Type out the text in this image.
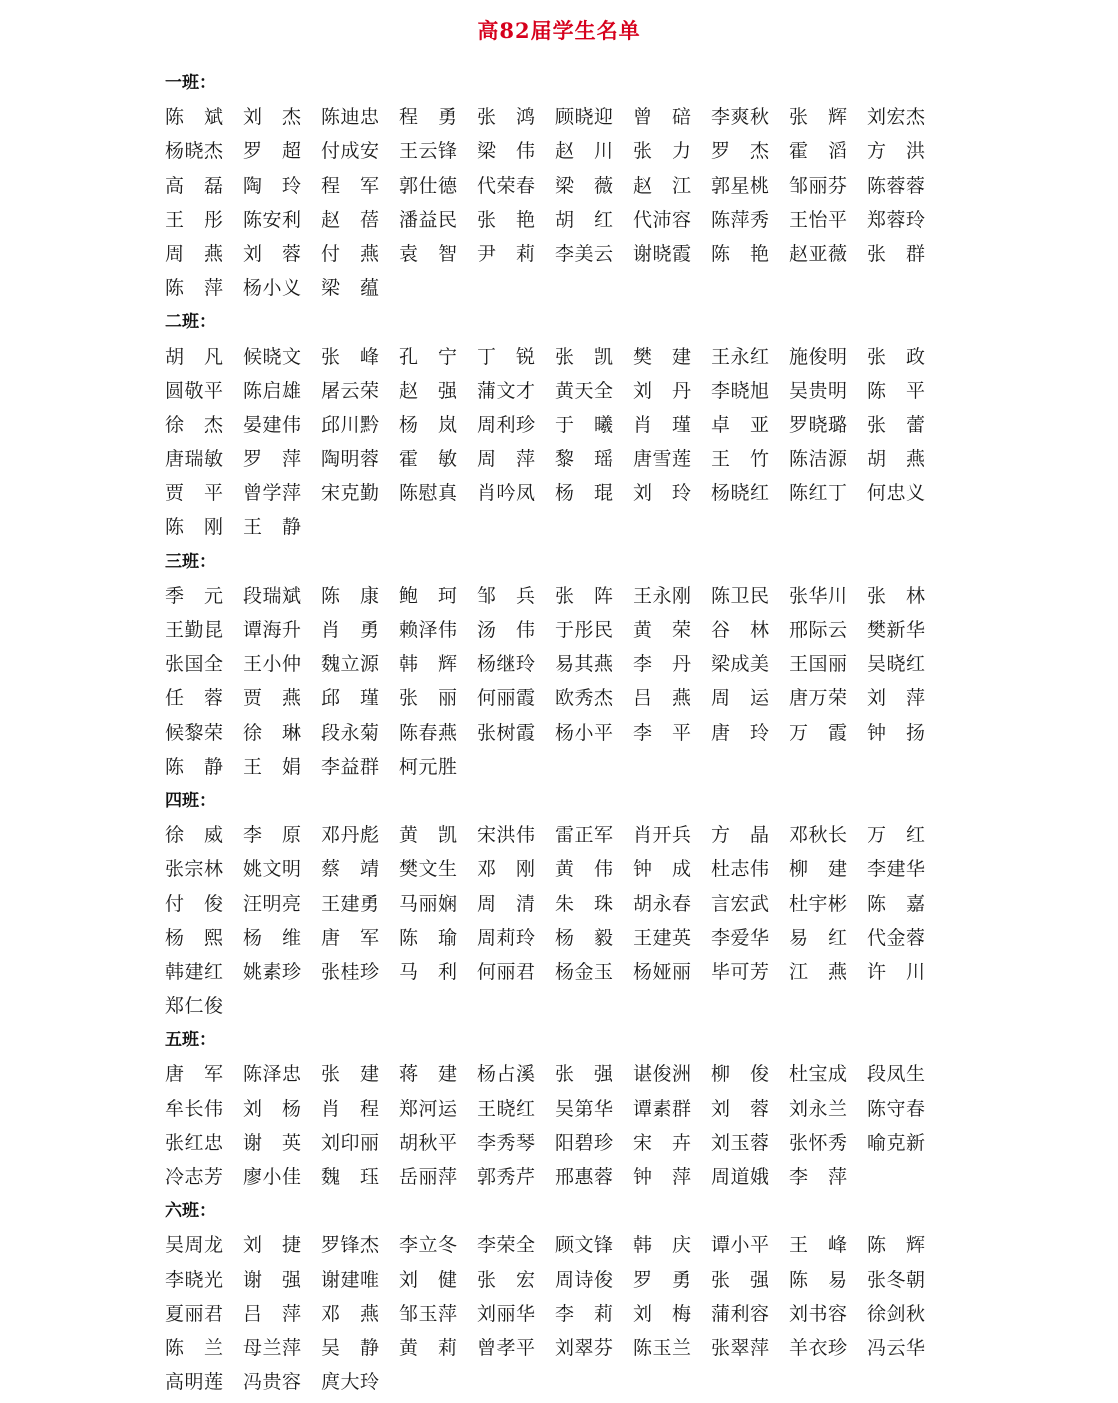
高82届学生名单
一班：
陈 斌 刘 杰 陈迪忠 程 勇 张 鸿 顾晓迎 曾 碚 李爽秋 张 辉 刘宏杰
杨晓杰 罗 超 付成安 王云锋 梁 伟 赵 川 张 力 罗 杰 霍 滔 方 洪
高 磊 陶 玲 程 军 郭仕德 代荣春 梁 薇 赵 江 郭星桃 邹丽芬 陈蓉蓉
王 彤 陈安利 赵 蓓 潘益民 张 艳 胡 红 代沛容 陈萍秀 王怡平 郑蓉玲
周 燕 刘 蓉 付 燕 袁 智 尹 莉 李美云 谢晓霞 陈 艳 赵亚薇 张 群
陈 萍 杨小义 梁 蕴
二班：
胡 凡 候晓文 张 峰 孔 宁 丁 锐 张 凯 樊 建 王永红 施俊明 张 政
圆敬平 陈启雄 屠云荣 赵 强 蒲文才 黄天全 刘 丹 李晓旭 吴贵明 陈 平
徐 杰 晏建伟 邱川黔 杨 岚 周利珍 于 曦 肖 瑾 卓 亚 罗晓璐 张 蕾
唐瑞敏 罗 萍 陶明蓉 霍 敏 周 萍 黎 瑶 唐雪莲 王 竹 陈洁源 胡 燕
贾 平 曾学萍 宋克勤 陈慰真 肖吟凤 杨 琨 刘 玲 杨晓红 陈红丁 何忠义
陈 刚 王 静
三班：
季 元 段瑞斌 陈 康 鲍 珂 邹 兵 张 阵 王永刚 陈卫民 张华川 张 林
王勤昆 谭海升 肖 勇 赖泽伟 汤 伟 于彤民 黄 荣 谷 林 邢际云 樊新华
张国全 王小仲 魏立源 韩 辉 杨继玲 易其燕 李 丹 梁成美 王国丽 吴晓红
任 蓉 贾 燕 邱 瑾 张 丽 何丽霞 欧秀杰 吕 燕 周 运 唐万荣 刘 萍
候黎荣 徐 琳 段永菊 陈春燕 张树霞 杨小平 李 平 唐 玲 万 霞 钟 扬
陈 静 王 娟 李益群 柯元胜
四班：
徐 威 李 原 邓丹彪 黄 凯 宋洪伟 雷正军 肖开兵 方 晶 邓秋长 万 红
张宗林 姚文明 蔡 靖 樊文生 邓 刚 黄 伟 钟 成 杜志伟 柳 建 李建华
付 俊 汪明亮 王建勇 马丽娴 周 清 朱 珠 胡永春 言宏武 杜宇彬 陈 嘉
杨 熙 杨 维 唐 军 陈 瑜 周莉玲 杨 毅 王建英 李爱华 易 红 代金蓉
韩建红 姚素珍 张桂珍 马 利 何丽君 杨金玉 杨娅丽 毕可芳 江 燕 许 川
郑仁俊
五班：
唐 军 陈泽忠 张 建 蒋 建 杨占溪 张 强 谌俊洲 柳 俊 杜宝成 段凤生
牟长伟 刘 杨 肖 程 郑河运 王晓红 吴第华 谭素群 刘 蓉 刘永兰 陈守春
张红忠 谢 英 刘印丽 胡秋平 李秀琴 阳碧珍 宋 卉 刘玉蓉 张怀秀 喻克新
冷志芳 廖小佳 魏 珏 岳丽萍 郭秀芹 邢惠蓉 钟 萍 周道娥 李 萍
六班：
吴周龙 刘 捷 罗锋杰 李立冬 李荣全 顾文锋 韩 庆 谭小平 王 峰 陈 辉
李晓光 谢 强 谢建唯 刘 健 张 宏 周诗俊 罗 勇 张 强 陈 易 张冬朝
夏丽君 吕 萍 邓 燕 邹玉萍 刘丽华 李 莉 刘 梅 蒲利容 刘书容 徐剑秋
陈 兰 母兰萍 吴 静 黄 莉 曾孝平 刘翠芬 陈玉兰 张翠萍 羊衣珍 冯云华
高明莲 冯贵容 庹大玲
